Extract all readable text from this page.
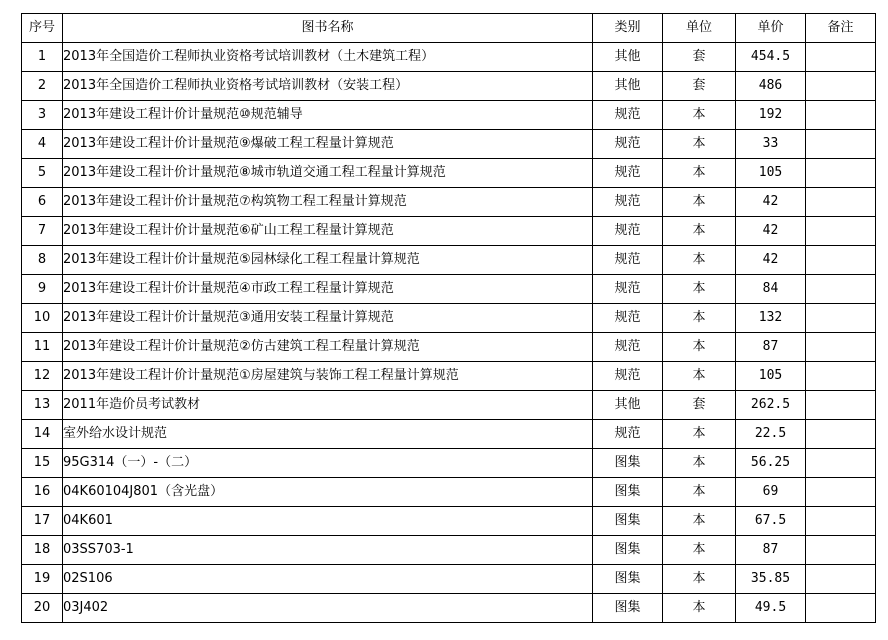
序号	图书名称	类别	单位	单价	备注
1	2013年全国造价工程师执业资格考试培训教材（土木建筑工程）	其他	套	454.5	
2	2013年全国造价工程师执业资格考试培训教材（安装工程）	其他	套	486	
3	2013年建设工程计价计量规范⑩规范辅导	规范	本	192	
4	2013年建设工程计价计量规范⑨爆破工程工程量计算规范	规范	本	33	
5	2013年建设工程计价计量规范⑧城市轨道交通工程工程量计算规范	规范	本	105	
6	2013年建设工程计价计量规范⑦构筑物工程工程量计算规范	规范	本	42	
7	2013年建设工程计价计量规范⑥矿山工程工程量计算规范	规范	本	42	
8	2013年建设工程计价计量规范⑤园林绿化工程工程量计算规范	规范	本	42	
9	2013年建设工程计价计量规范④市政工程工程量计算规范	规范	本	84	
10	2013年建设工程计价计量规范③通用安装工程量计算规范	规范	本	132	
11	2013年建设工程计价计量规范②仿古建筑工程工程量计算规范	规范	本	87	
12	2013年建设工程计价计量规范①房屋建筑与装饰工程工程量计算规范	规范	本	105	
13	2011年造价员考试教材	其他	套	262.5	
14	室外给水设计规范	规范	本	22.5	
15	95G314（一）-（二）	图集	本	56.25	
16	04K60104J801（含光盘）	图集	本	69	
17	04K601	图集	本	67.5	
18	03SS703-1	图集	本	87	
19	02S106	图集	本	35.85	
20	03J402	图集	本	49.5	
